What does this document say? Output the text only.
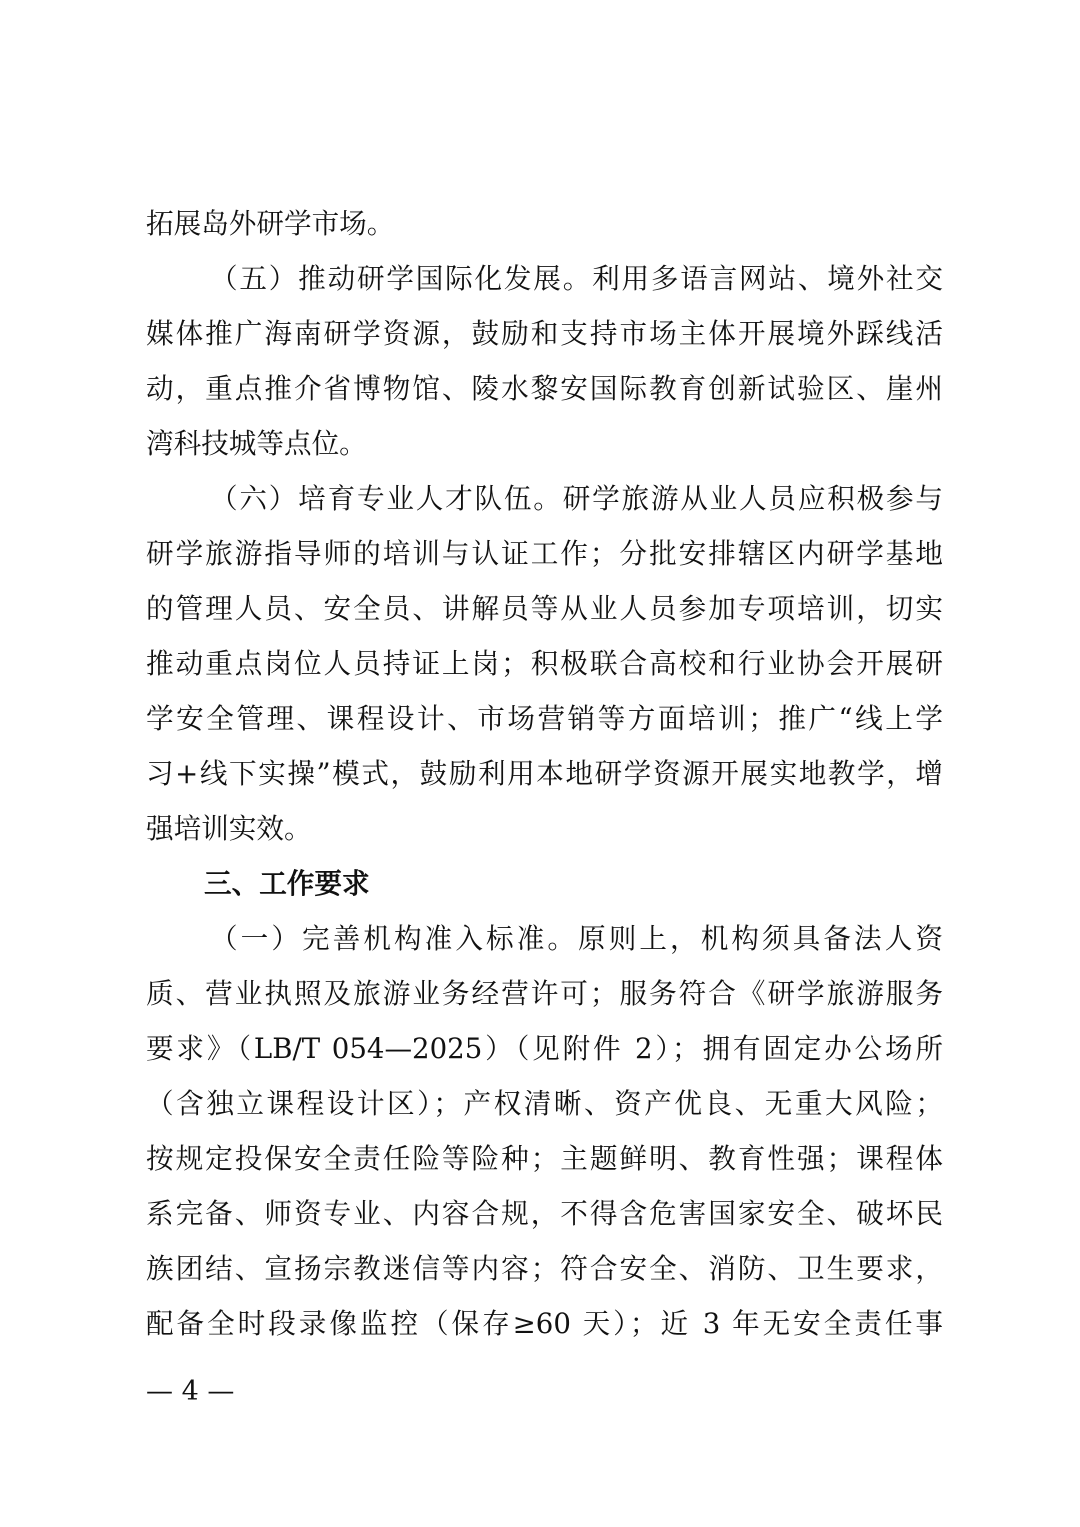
拓展岛外研学市场。
（五）推动研学国际化发展。利用多语言网站、境外社交
媒体推广海南研学资源，鼓励和支持市场主体开展境外踩线活
动，重点推介省博物馆、陵水黎安国际教育创新试验区、崖州
湾科技城等点位。
（六）培育专业人才队伍。研学旅游从业人员应积极参与
研学旅游指导师的培训与认证工作；分批安排辖区内研学基地
的管理人员、安全员、讲解员等从业人员参加专项培训，切实
推动重点岗位人员持证上岗；积极联合高校和行业协会开展研
学安全管理、课程设计、市场营销等方面培训；推广“线上学
习+线下实操”模式，鼓励利用本地研学资源开展实地教学，增
强培训实效。
三、工作要求
（一）完善机构准入标准。原则上，机构须具备法人资
质、营业执照及旅游业务经营许可；服务符合《研学旅游服务
要求》（LB/T 054—2025）（见附件 2）；拥有固定办公场所
（含独立课程设计区）；产权清晰、资产优良、无重大风险；
按规定投保安全责任险等险种；主题鲜明、教育性强；课程体
系完备、师资专业、内容合规，不得含危害国家安全、破坏民
族团结、宣扬宗教迷信等内容；符合安全、消防、卫生要求，
配备全时段录像监控（保存≥60 天）；近 3 年无安全责任事
— 4 —
